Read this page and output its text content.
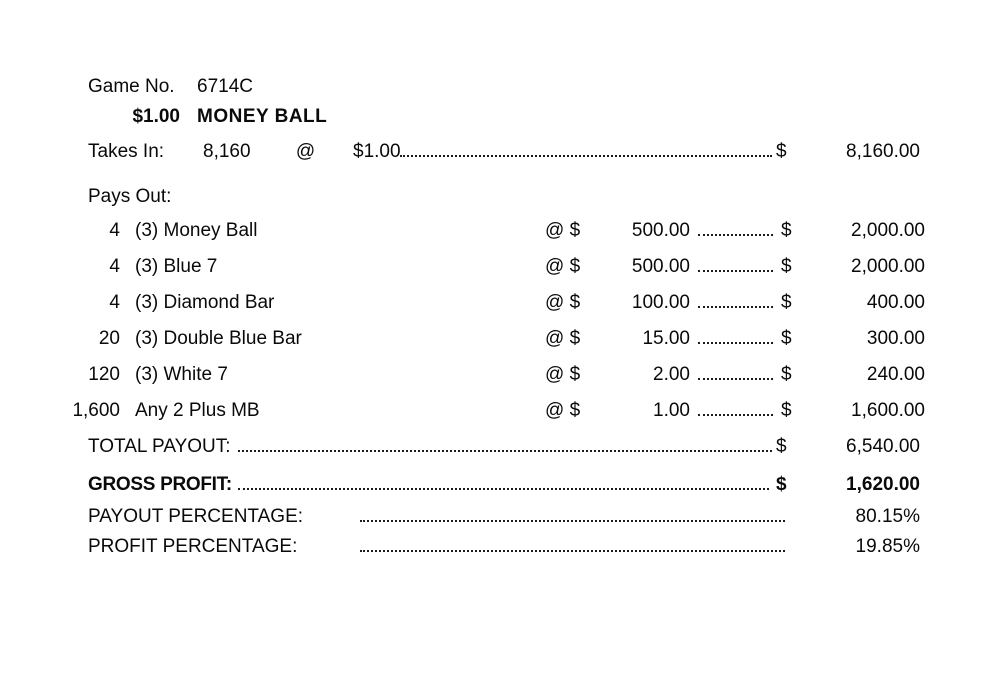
Game No.	6714C
$1.00 MONEY BALL
Takes In:	8,160	@	$1.00	$	8,160.00
Pays Out:
4 (3) Money Ball	@ $	500.00	$	2,000.00
4 (3) Blue 7	@ $	500.00	$	2,000.00
4 (3) Diamond Bar	@ $	100.00	$	400.00
20 (3) Double Blue Bar	@ $	15.00	$	300.00
120 (3) White 7	@ $	2.00	$	240.00
1,600 Any 2 Plus MB	@ $	1.00	$	1,600.00
TOTAL PAYOUT:	$	6,540.00
GROSS PROFIT:	$	1,620.00
PAYOUT PERCENTAGE:	80.15%
PROFIT PERCENTAGE:	19.85%
